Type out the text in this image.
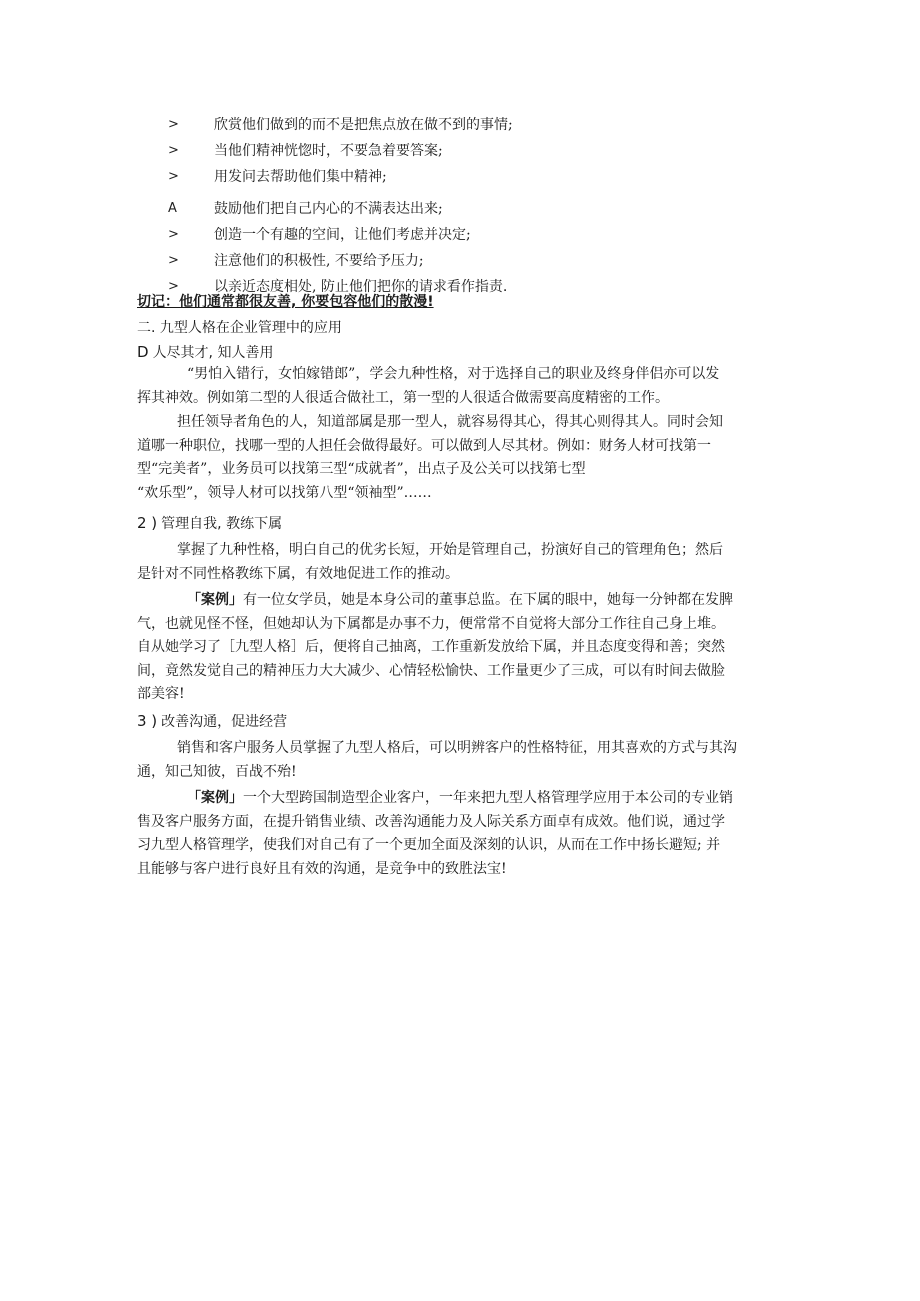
>	欣赏他们做到的而不是把焦点放在做不到的事情;
>	当他们精神恍惚时，不要急着要答案;
>	用发问去帮助他们集中精神;
A	鼓励他们把自己内心的不满表达出来;
>	创造一个有趣的空间，让他们考虑并决定;
>	注意他们的积极性, 不要给予压力;
>	以亲近态度相处, 防止他们把你的请求看作指责.
切记：他们通常都很友善, 你要包容他们的散漫!
二. 九型人格在企业管理中的应用
D 人尽其才, 知人善用
“男怕入错行，女怕嫁错郎”，学会九种性格，对于选择自己的职业及终身伴侣亦可以发
挥其神效。例如第二型的人很适合做社工，第一型的人很适合做需要高度精密的工作。
担任领导者角色的人，知道部属是那一型人，就容易得其心，得其心则得其人。同时会知
道哪一种职位，找哪一型的人担任会做得最好。可以做到人尽其材。例如：财务人材可找第一
型“完美者”，业务员可以找第三型“成就者”，出点子及公关可以找第七型
“欢乐型”，领导人材可以找第八型“领袖型”……
2 ) 管理自我, 教练下属
掌握了九种性格，明白自己的优劣长短，开始是管理自己，扮演好自己的管理角色；然后
是针对不同性格教练下属，有效地促进工作的推动。
「案例」有一位女学员，她是本身公司的董事总监。在下属的眼中，她每一分钟都在发脾
气，也就见怪不怪，但她却认为下属都是办事不力，便常常不自觉将大部分工作往自己身上堆。
自从她学习了［九型人格］后，便将自己抽离，工作重新发放给下属，并且态度变得和善；突然
间，竟然发觉自己的精神压力大大减少、心情轻松愉快、工作量更少了三成，可以有时间去做脸
部美容!
3 ) 改善沟通，促进经营
销售和客户服务人员掌握了九型人格后，可以明辨客户的性格特征，用其喜欢的方式与其沟
通，知己知彼，百战不殆!
「案例」一个大型跨国制造型企业客户，一年来把九型人格管理学应用于本公司的专业销
售及客户服务方面，在提升销售业绩、改善沟通能力及人际关系方面卓有成效。他们说，通过学
习九型人格管理学，使我们对自己有了一个更加全面及深刻的认识，从而在工作中扬长避短; 并
且能够与客户进行良好且有效的沟通，是竞争中的致胜法宝!
